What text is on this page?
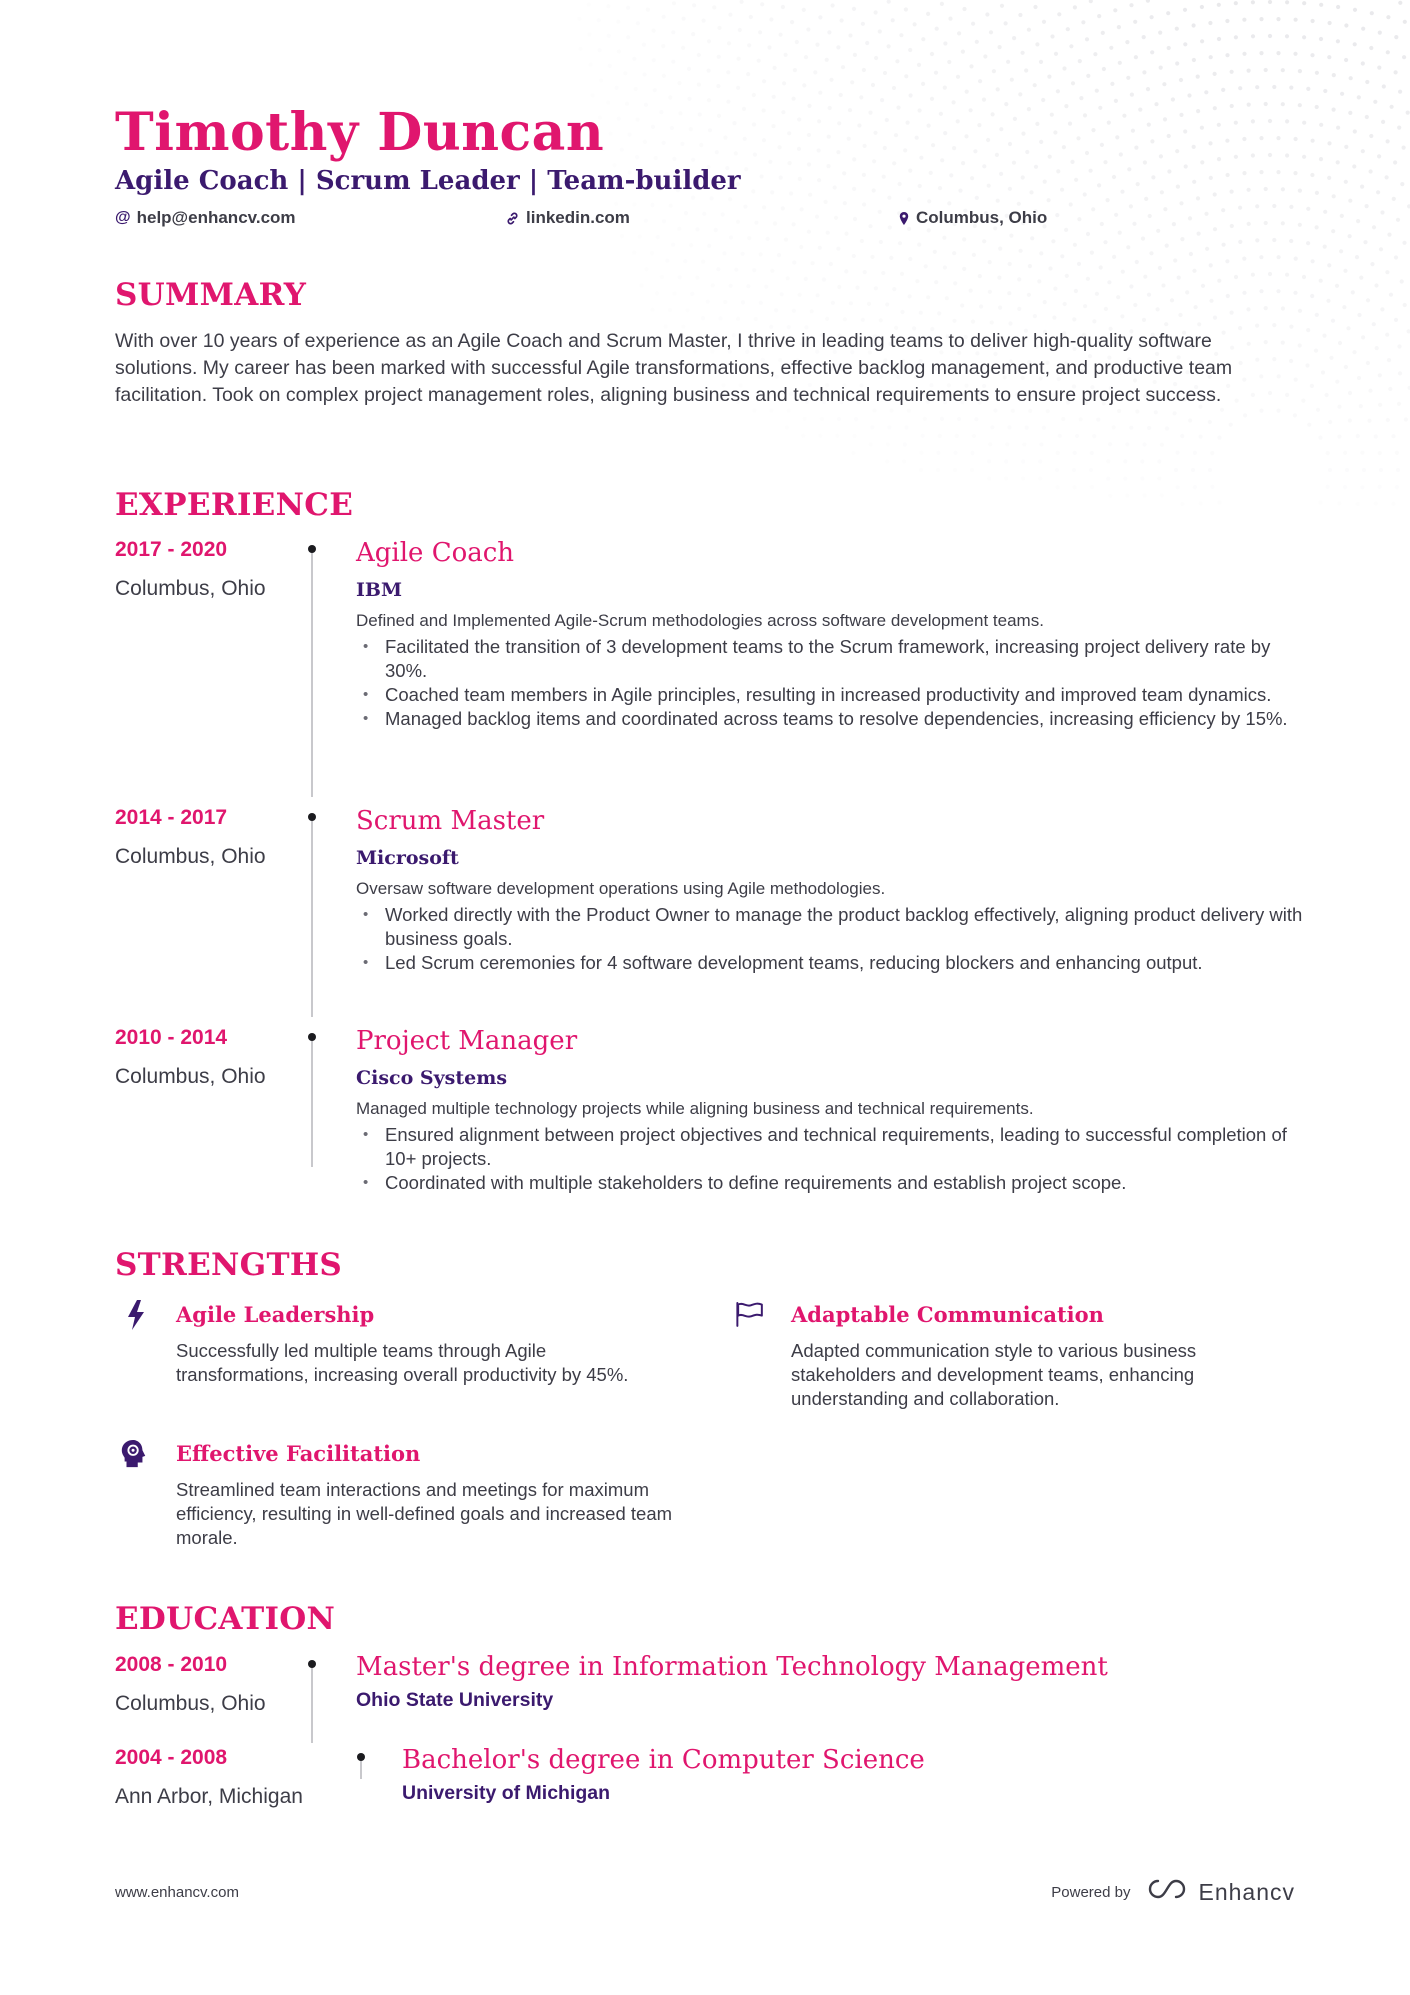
Timothy Duncan
Agile Coach | Scrum Leader | Team-builder
@ help@enhancv.com	linkedin.com	Columbus, Ohio
SUMMARY
With over 10 years of experience as an Agile Coach and Scrum Master, I thrive in leading teams to deliver high-quality software solutions. My career has been marked with successful Agile transformations, effective backlog management, and productive team facilitation. Took on complex project management roles, aligning business and technical requirements to ensure project success.
EXPERIENCE
2017 - 2020
Columbus, Ohio
Agile Coach
IBM
Defined and Implemented Agile-Scrum methodologies across software development teams.
• Facilitated the transition of 3 development teams to the Scrum framework, increasing project delivery rate by 30%.
• Coached team members in Agile principles, resulting in increased productivity and improved team dynamics.
• Managed backlog items and coordinated across teams to resolve dependencies, increasing efficiency by 15%.
2014 - 2017
Columbus, Ohio
Scrum Master
Microsoft
Oversaw software development operations using Agile methodologies.
• Worked directly with the Product Owner to manage the product backlog effectively, aligning product delivery with business goals.
• Led Scrum ceremonies for 4 software development teams, reducing blockers and enhancing output.
2010 - 2014
Columbus, Ohio
Project Manager
Cisco Systems
Managed multiple technology projects while aligning business and technical requirements.
• Ensured alignment between project objectives and technical requirements, leading to successful completion of 10+ projects.
• Coordinated with multiple stakeholders to define requirements and establish project scope.
STRENGTHS
Agile Leadership
Successfully led multiple teams through Agile transformations, increasing overall productivity by 45%.
Adaptable Communication
Adapted communication style to various business stakeholders and development teams, enhancing understanding and collaboration.
Effective Facilitation
Streamlined team interactions and meetings for maximum efficiency, resulting in well-defined goals and increased team morale.
EDUCATION
2008 - 2010
Columbus, Ohio
Master's degree in Information Technology Management
Ohio State University
2004 - 2008
Ann Arbor, Michigan
Bachelor's degree in Computer Science
University of Michigan
www.enhancv.com	Powered by	Enhancv
